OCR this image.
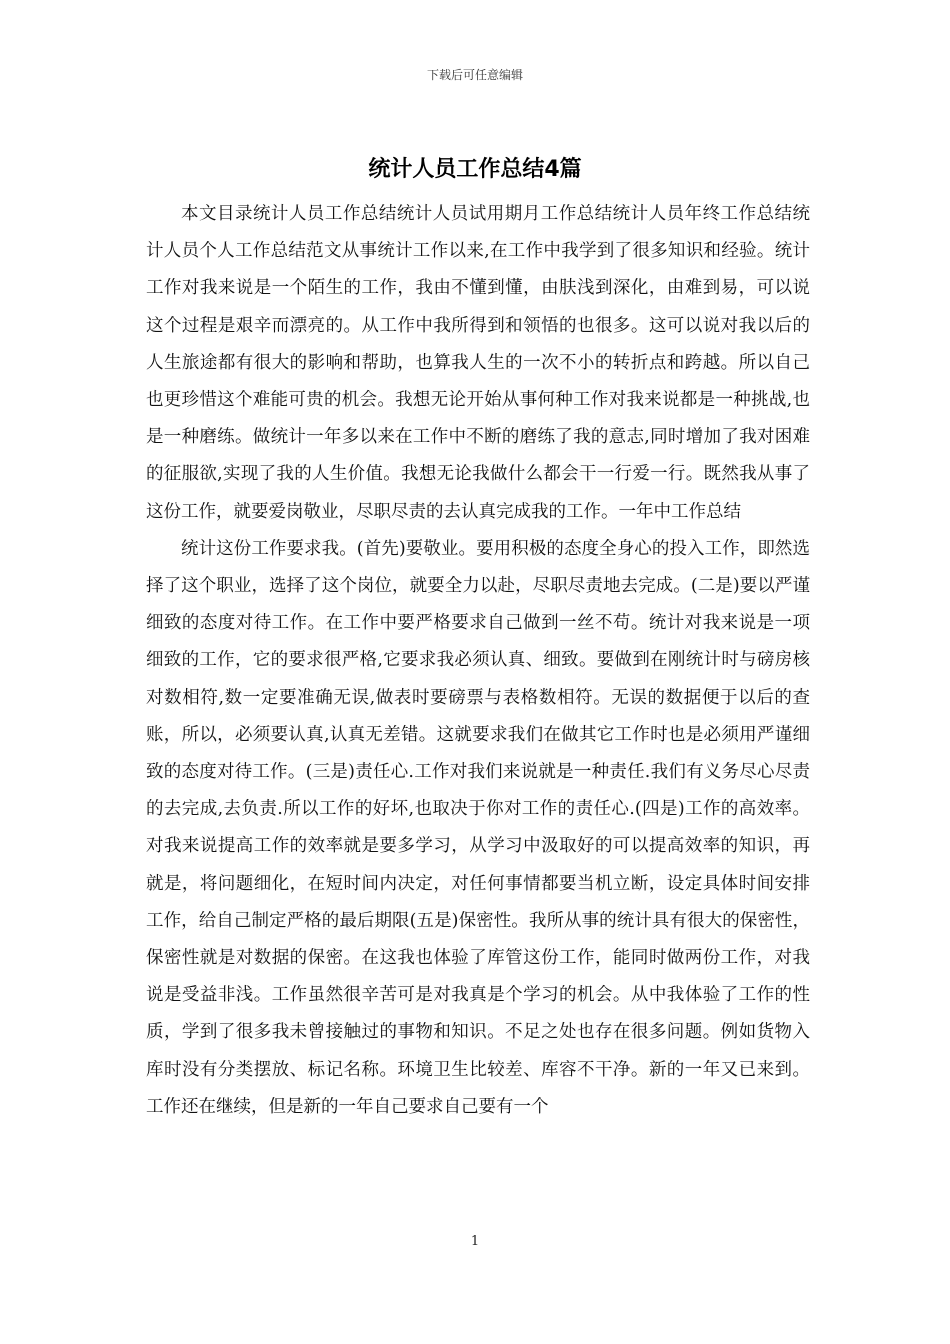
下载后可任意编辑
统计人员工作总结4篇

本文目录统计人员工作总结统计人员试用期月工作总结统计人员年终工作总结统计人员个人工作总结范文从事统计工作以来,在工作中我学到了很多知识和经验。统计工作对我来说是一个陌生的工作，我由不懂到懂，由肤浅到深化，由难到易，可以说这个过程是艰辛而漂亮的。从工作中我所得到和领悟的也很多。这可以说对我以后的人生旅途都有很大的影响和帮助，也算我人生的一次不小的转折点和跨越。所以自己也更珍惜这个难能可贵的机会。我想无论开始从事何种工作对我来说都是一种挑战,也是一种磨练。做统计一年多以来在工作中不断的磨练了我的意志,同时增加了我对困难的征服欲,实现了我的人生价值。我想无论我做什么都会干一行爱一行。既然我从事了这份工作，就要爱岗敬业，尽职尽责的去认真完成我的工作。一年中工作总结

统计这份工作要求我。(首先)要敬业。要用积极的态度全身心的投入工作，即然选择了这个职业，选择了这个岗位，就要全力以赴，尽职尽责地去完成。(二是)要以严谨细致的态度对待工作。在工作中要严格要求自己做到一丝不苟。统计对我来说是一项细致的工作，它的要求很严格,它要求我必须认真、细致。要做到在刚统计时与磅房核对数相符,数一定要准确无误,做表时要磅票与表格数相符。无误的数据便于以后的查账，所以，必须要认真,认真无差错。这就要求我们在做其它工作时也是必须用严谨细致的态度对待工作。(三是)责任心.工作对我们来说就是一种责任.我们有义务尽心尽责的去完成,去负责.所以工作的好坏,也取决于你对工作的责任心.(四是)工作的高效率。对我来说提高工作的效率就是要多学习，从学习中汲取好的可以提高效率的知识，再就是，将问题细化，在短时间内决定，对任何事情都要当机立断，设定具体时间安排工作，给自己制定严格的最后期限(五是)保密性。我所从事的统计具有很大的保密性，保密性就是对数据的保密。在这我也体验了库管这份工作，能同时做两份工作，对我说是受益非浅。工作虽然很辛苦可是对我真是个学习的机会。从中我体验了工作的性质，学到了很多我未曾接触过的事物和知识。不足之处也存在很多问题。例如货物入库时没有分类摆放、标记名称。环境卫生比较差、库容不干净。新的一年又已来到。工作还在继续，但是新的一年自己要求自己要有一个

1
